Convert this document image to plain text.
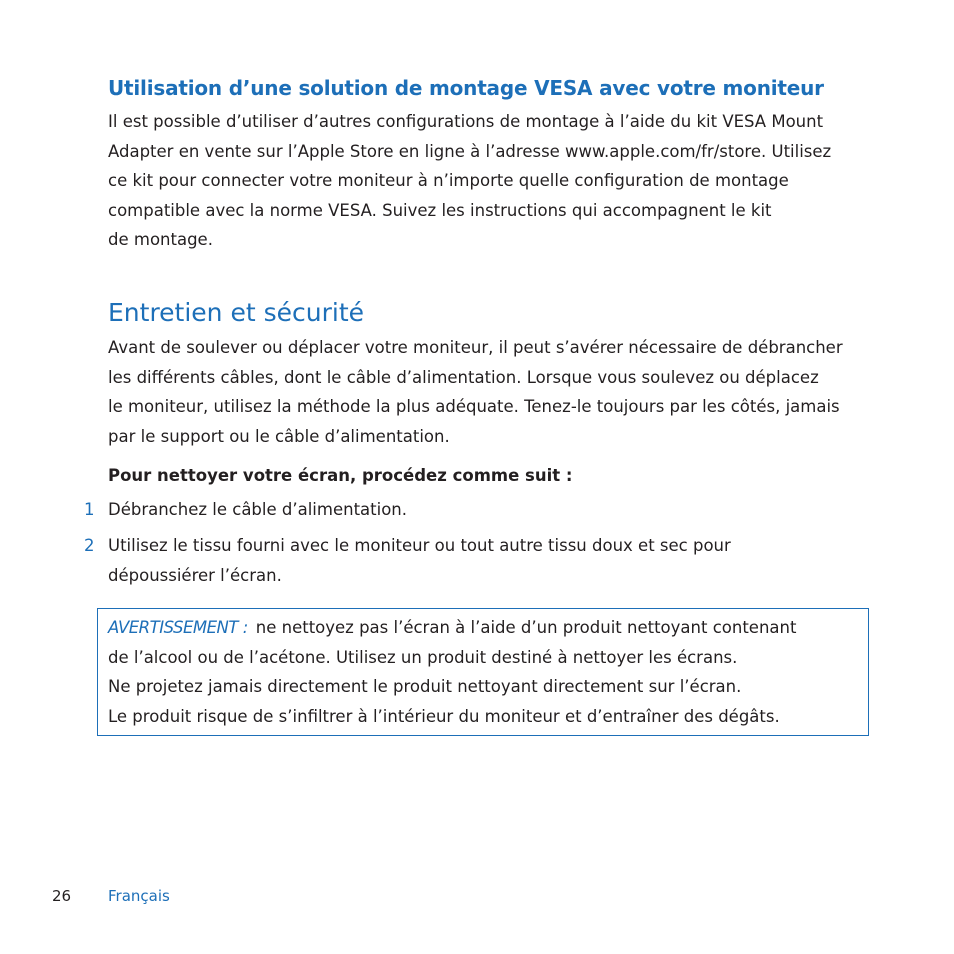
Utilisation d’une solution de montage VESA avec votre moniteur

Il est possible d’utiliser d’autres configurations de montage à l’aide du kit VESA Mount
Adapter en vente sur l’Apple Store en ligne à l’adresse www.apple.com/fr/store. Utilisez
ce kit pour connecter votre moniteur à n’importe quelle configuration de montage
compatible avec la norme VESA. Suivez les instructions qui accompagnent le kit
de montage.

Entretien et sécurité

Avant de soulever ou déplacer votre moniteur, il peut s’avérer nécessaire de débrancher
les différents câbles, dont le câble d’alimentation. Lorsque vous soulevez ou déplacez
le moniteur, utilisez la méthode la plus adéquate. Tenez-le toujours par les côtés, jamais
par le support ou le câble d’alimentation.

Pour nettoyer votre écran, procédez comme suit :
1 Débranchez le câble d’alimentation.
2 Utilisez le tissu fourni avec le moniteur ou tout autre tissu doux et sec pour
dépoussiérer l’écran.
AVERTISSEMENT : ne nettoyez pas l’écran à l’aide d’un produit nettoyant contenant
de l’alcool ou de l’acétone. Utilisez un produit destiné à nettoyer les écrans.
Ne projetez jamais directement le produit nettoyant directement sur l’écran.
Le produit risque de s’infiltrer à l’intérieur du moniteur et d’entraîner des dégâts.
26 Français
